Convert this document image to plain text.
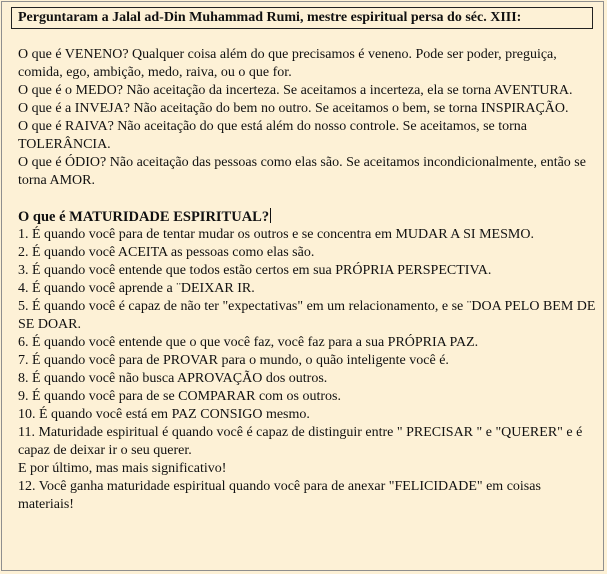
Perguntaram a Jalal ad-Din Muhammad Rumi, mestre espiritual persa do séc. XIII:

O que é VENENO? Qualquer coisa além do que precisamos é veneno. Pode ser poder, preguiça, comida, ego, ambição, medo, raiva, ou o que for.

O que é o MEDO? Não aceitação da incerteza. Se aceitamos a incerteza, ela se torna AVENTURA.

O que é a INVEJA? Não aceitação do bem no outro. Se aceitamos o bem, se torna INSPIRAÇÃO.

O que é RAIVA? Não aceitação do que está além do nosso controle. Se aceitamos, se torna TOLERÂNCIA.

O que é ÓDIO? Não aceitação das pessoas como elas são. Se aceitamos incondicionalmente, então se torna AMOR.

O que é MATURIDADE ESPIRITUAL?

1. É quando você para de tentar mudar os outros e se concentra em MUDAR A SI MESMO.

2. É quando você ACEITA as pessoas como elas são.

3. É quando você entende que todos estão certos em sua PRÓPRIA PERSPECTIVA.

4. É quando você aprende a ¨DEIXAR IR.

5. É quando você é capaz de não ter "expectativas" em um relacionamento, e se ¨DOA PELO BEM DE SE DOAR.

6. É quando você entende que o que você faz, você faz para a sua PRÓPRIA PAZ.

7. É quando você para de PROVAR para o mundo, o quão inteligente você é.

8. É quando você não busca APROVAÇÃO dos outros.

9. É quando você para de se COMPARAR com os outros.

10. É quando você está em PAZ CONSIGO mesmo.

11. Maturidade espiritual é quando você é capaz de distinguir entre " PRECISAR " e "QUERER" e é capaz de deixar ir o seu querer.

E por último, mas mais significativo!

12. Você ganha maturidade espiritual quando você para de anexar "FELICIDADE" em coisas materiais!
